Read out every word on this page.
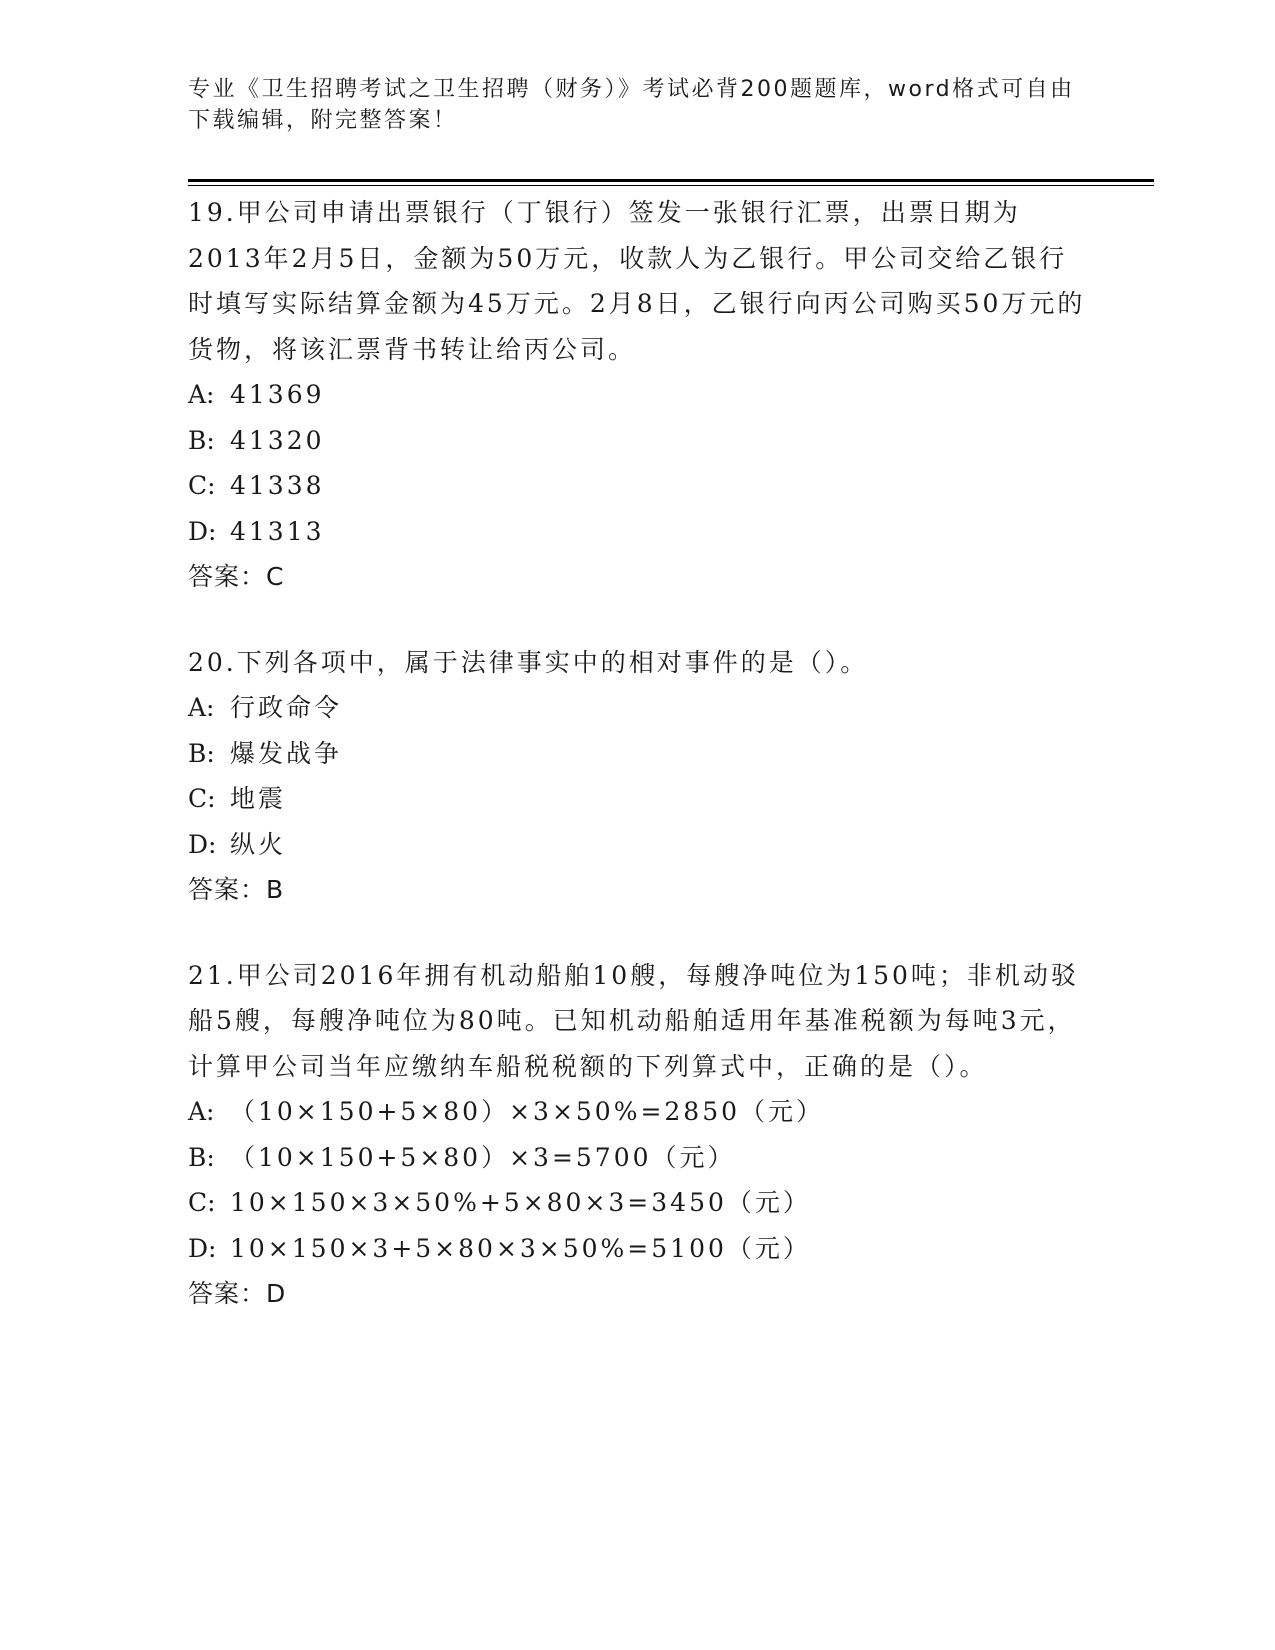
专业《卫生招聘考试之卫生招聘（财务）》考试必背200题题库，word格式可自由下载编辑，附完整答案！
19.甲公司申请出票银行（丁银行）签发一张银行汇票，出票日期为2013年2月5日，金额为50万元，收款人为乙银行。甲公司交给乙银行时填写实际结算金额为45万元。2月8日，乙银行向丙公司购买50万元的货物，将该汇票背书转让给丙公司。
A: 41369
B: 41320
C: 41338
D: 41313
答案：C
20.下列各项中，属于法律事实中的相对事件的是（）。
A: 行政命令
B: 爆发战争
C: 地震
D: 纵火
答案：B
21.甲公司2016年拥有机动船舶10艘，每艘净吨位为150吨；非机动驳船5艘，每艘净吨位为80吨。已知机动船舶适用年基准税额为每吨3元，计算甲公司当年应缴纳车船税税额的下列算式中，正确的是（）。
A: （10×150+5×80）×3×50%=2850（元）
B: （10×150+5×80）×3=5700（元）
C: 10×150×3×50%+5×80×3=3450（元）
D: 10×150×3+5×80×3×50%=5100（元）
答案：D
